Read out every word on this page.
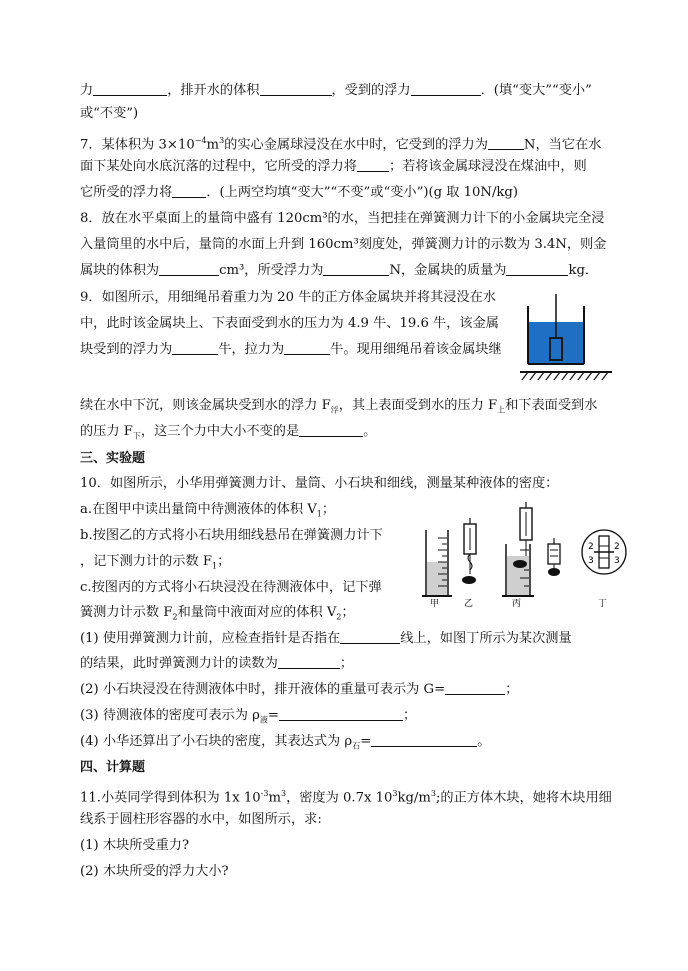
力	，排开水的体积	，受到的浮力	．(填“变大”“变小”
或“不变”)
7．某体积为 $3\times 10^{-4}m^3$的实心金属球浸没在水中时，它受到的浮力为	N，当它在水
面下某处向水底沉落的过程中，它所受的浮力将 ；若将该金属球浸没在煤油中，则
它所受的浮力将	．(上两空均填“变大”“不变”或“变小”)(g 取 10N/kg)
8．放在水平桌面上的量筒中盛有 120cm³的水，当把挂在弹簧测力计下的小金属块完全浸
入量筒里的水中后，量筒的水面上升到 160cm³刻度处，弹簧测力计的示数为 3.4N，则金
属块的体积为	cm³，所受浮力为	N，金属块的质量为	kg．
9．如图所示，用细绳吊着重力为 20 牛的正方体金属块并将其浸没在水
中，此时该金属块上、下表面受到水的压力为 4.9 牛、19.6 牛，该金属
块受到的浮力为	牛，拉力为	牛。现用细绳吊着该金属块继
续在水中下沉，则该金属块受到水的浮力 $F_浮$，其上表面受到水的压力 $F_上$和下表面受到水
的压力 $F_下$，这三个力中大小不变的是	。
三、实验题
10．如图所示，小华用弹簧测力计、量筒、小石块和细线，测量某种液体的密度：
a.在图甲中读出量筒中待测液体的体积 $V_1$；
b.按图乙的方式将小石块用细线悬吊在弹簧测力计下
，记下测力计的示数 $F_1$；
c.按图丙的方式将小石块浸没在待测液体中，记下弹
簧测力计示数 $F_2$和量筒中液面对应的体积 $V_2$；
2 2
3 3
甲	乙	丙	丁
(1) 使用弹簧测力计前，应检查指针是否指在	线上，如图丁所示为某次测量
的结果，此时弹簧测力计的读数为	；
(2) 小石块浸没在待测液体中时，排开液体的重量可表示为 G=	；
(3) 待测液体的密度可表示为 $\rho_液=$	；
(4) 小华还算出了小石块的密度，其表达式为 $\rho_石=$	。
四、计算题
11.小英同学得到体积为 1x $10^{-3}m^3$，密度为 0.7x $10^3kg/m^3$;的正方体木块，她将木块用细
线系于圆柱形容器的水中，如图所示，求:
(1) 木块所受重力?
(2) 木块所受的浮力大小?
